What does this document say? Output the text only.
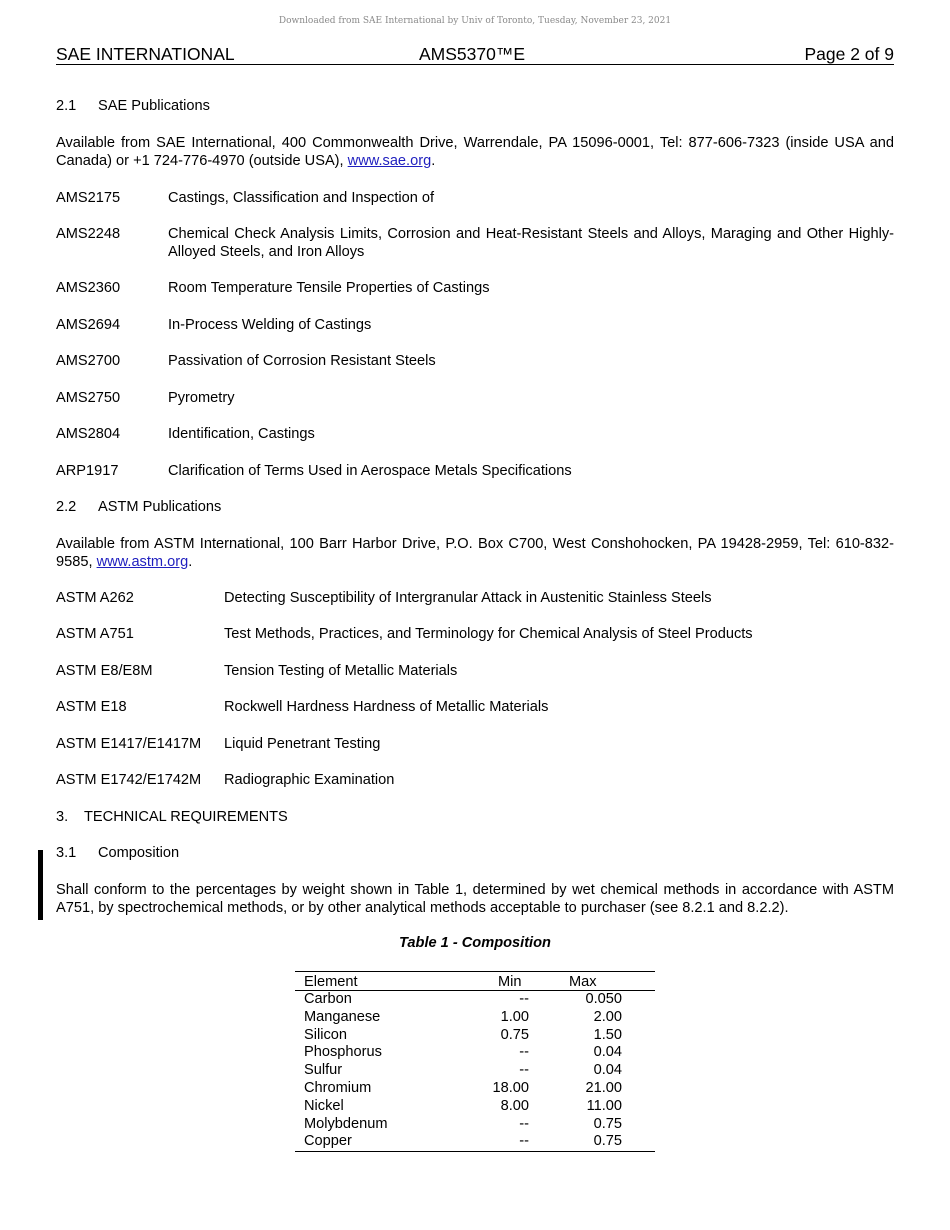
Downloaded from SAE International by Univ of Toronto, Tuesday, November 23, 2021
SAE INTERNATIONAL	AMS5370™E	Page 2 of 9
2.1 SAE Publications
Available from SAE International, 400 Commonwealth Drive, Warrendale, PA 15096-0001, Tel: 877-606-7323 (inside USA and Canada) or +1 724-776-4970 (outside USA), www.sae.org.
AMS2175	Castings, Classification and Inspection of
AMS2248	Chemical Check Analysis Limits, Corrosion and Heat-Resistant Steels and Alloys, Maraging and Other Highly-Alloyed Steels, and Iron Alloys
AMS2360	Room Temperature Tensile Properties of Castings
AMS2694	In-Process Welding of Castings
AMS2700	Passivation of Corrosion Resistant Steels
AMS2750	Pyrometry
AMS2804	Identification, Castings
ARP1917	Clarification of Terms Used in Aerospace Metals Specifications
2.2 ASTM Publications
Available from ASTM International, 100 Barr Harbor Drive, P.O. Box C700, West Conshohocken, PA 19428-2959, Tel: 610-832-9585, www.astm.org.
ASTM A262	Detecting Susceptibility of Intergranular Attack in Austenitic Stainless Steels
ASTM A751	Test Methods, Practices, and Terminology for Chemical Analysis of Steel Products
ASTM E8/E8M	Tension Testing of Metallic Materials
ASTM E18	Rockwell Hardness Hardness of Metallic Materials
ASTM E1417/E1417M Liquid Penetrant Testing
ASTM E1742/E1742M Radiographic Examination
3. TECHNICAL REQUIREMENTS
3.1 Composition
Shall conform to the percentages by weight shown in Table 1, determined by wet chemical methods in accordance with ASTM A751, by spectrochemical methods, or by other analytical methods acceptable to purchaser (see 8.2.1 and 8.2.2).
Table 1 - Composition
Element	Min	Max
Carbon	--	0.050
Manganese	1.00	2.00
Silicon	0.75	1.50
Phosphorus	--	0.04
Sulfur	--	0.04
Chromium	18.00	21.00
Nickel	8.00	11.00
Molybdenum	--	0.75
Copper	--	0.75
